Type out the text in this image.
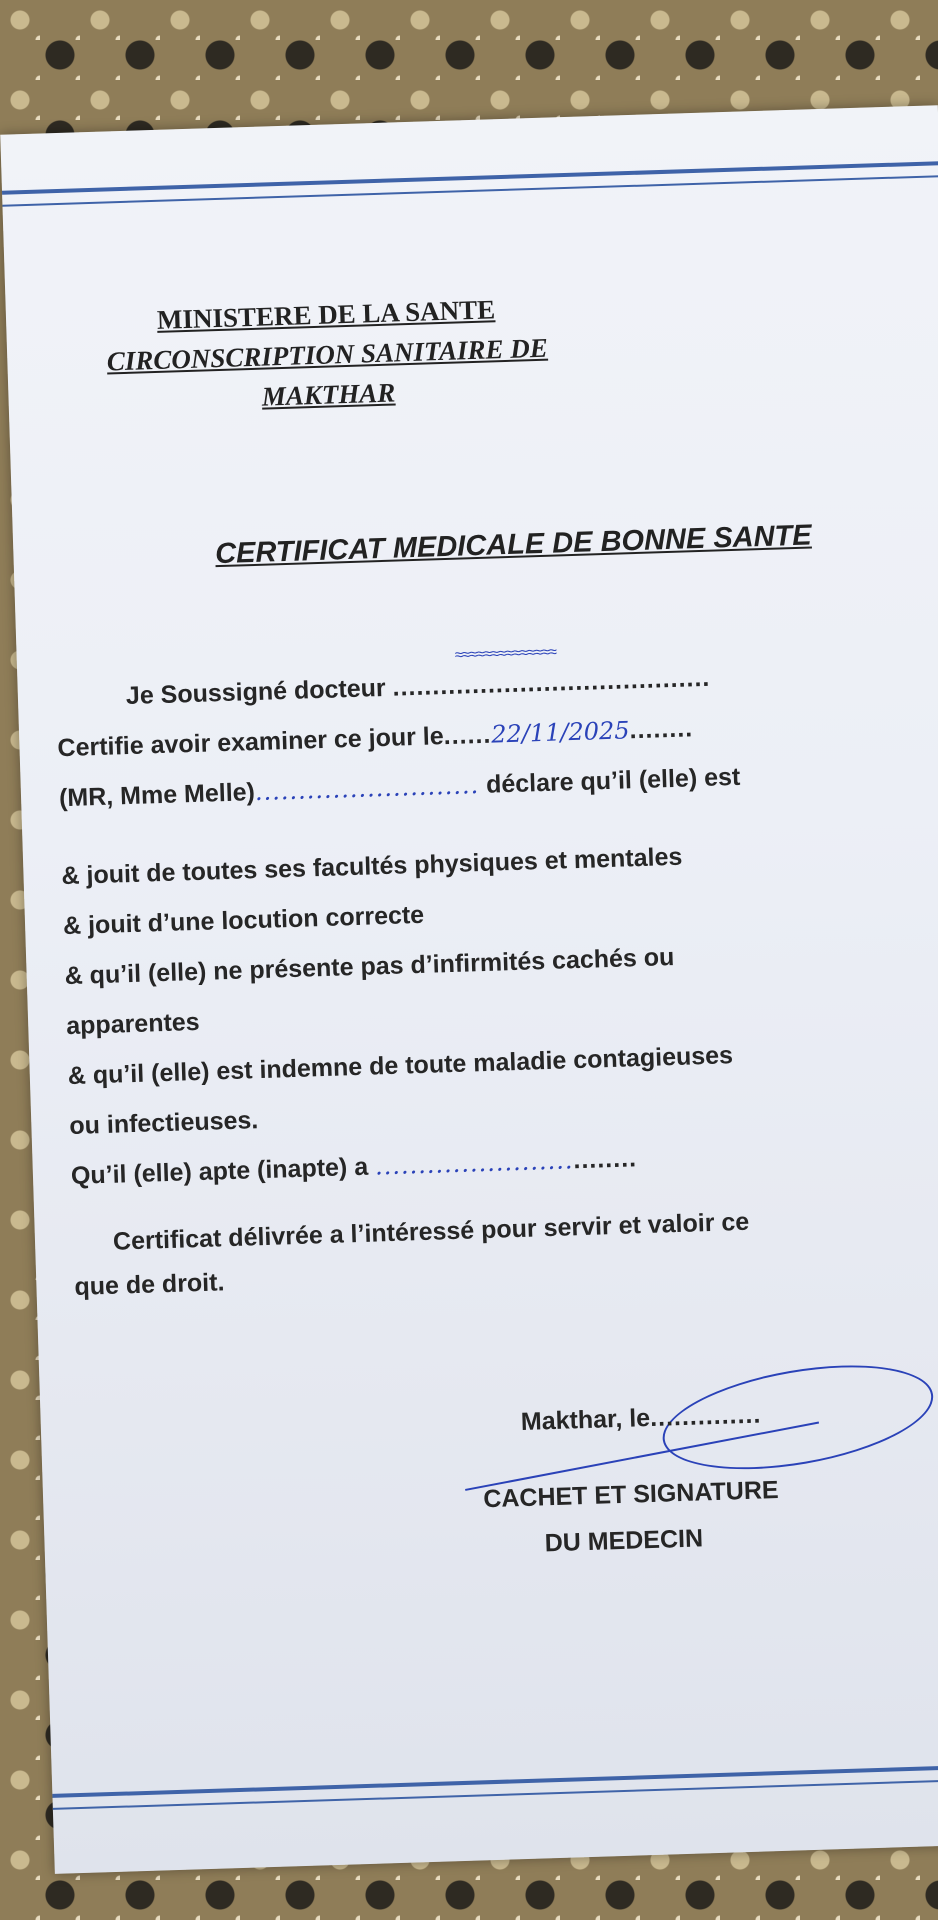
MINISTERE DE LA SANTE
CIRCONSCRIPTION SANITAIRE DE
MAKTHAR
CERTIFICAT MEDICALE DE BONNE SANTE

≈≈≈≈≈≈≈≈≈≈≈≈≈≈
Je Soussigné docteur ........................................

Certifie avoir examiner ce jour le......22/11/2025........

(MR, Mme Melle).......................... déclare qu’il (elle) est

& jouit de toutes ses facultés physiques et mentales

& jouit d’une locution correcte

& qu’il (elle) ne présente pas d’infirmités cachés ou

apparentes

& qu’il (elle) est indemne de toute maladie contagieuses

ou infectieuses.

Qu’il (elle) apte (inapte) a ...............................

Certificat délivrée a l’intéressé pour servir et valoir ce
que de droit.
Makthar, le..............
CACHET ET SIGNATURE
DU MEDECIN
